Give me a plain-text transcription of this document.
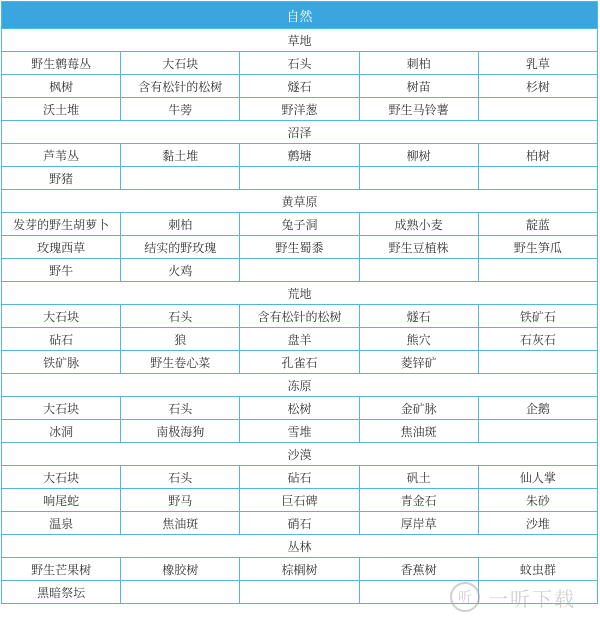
自然				
草地				
野生鹩莓丛	大石块	石头	刺柏	乳草
枫树	含有松针的松树	燧石	树苗	杉树
沃土堆	牛蒡	野洋葱	野生马铃薯	
沼泽				
芦苇丛	黏土堆	鹩塘	柳树	柏树
野猪				
黄草原				
发芽的野生胡萝卜	刺柏	兔子洞	成熟小麦	靛蓝
玫瑰西草	结实的野玫瑰	野生蜀黍	野生豆植株	野生笋瓜
野牛	火鸡			
荒地				
大石块	石头	含有松针的松树	燧石	铁矿石
砧石	狼	盘羊	熊穴	石灰石
铁矿脉	野生卷心菜	孔雀石	菱锌矿	
冻原				
大石块	石头	松树	金矿脉	企鹅
冰洞	南极海狗	雪堆	焦油斑	
沙漠				
大石块	石头	砧石	矾土	仙人掌
响尾蛇	野马	巨石碑	青金石	朱砂
温泉	焦油斑	硝石	厚岸草	沙堆
丛林				
野生芒果树	橡胶树	棕榈树	香蕉树	蚊虫群
黑暗祭坛					听 一听下载
